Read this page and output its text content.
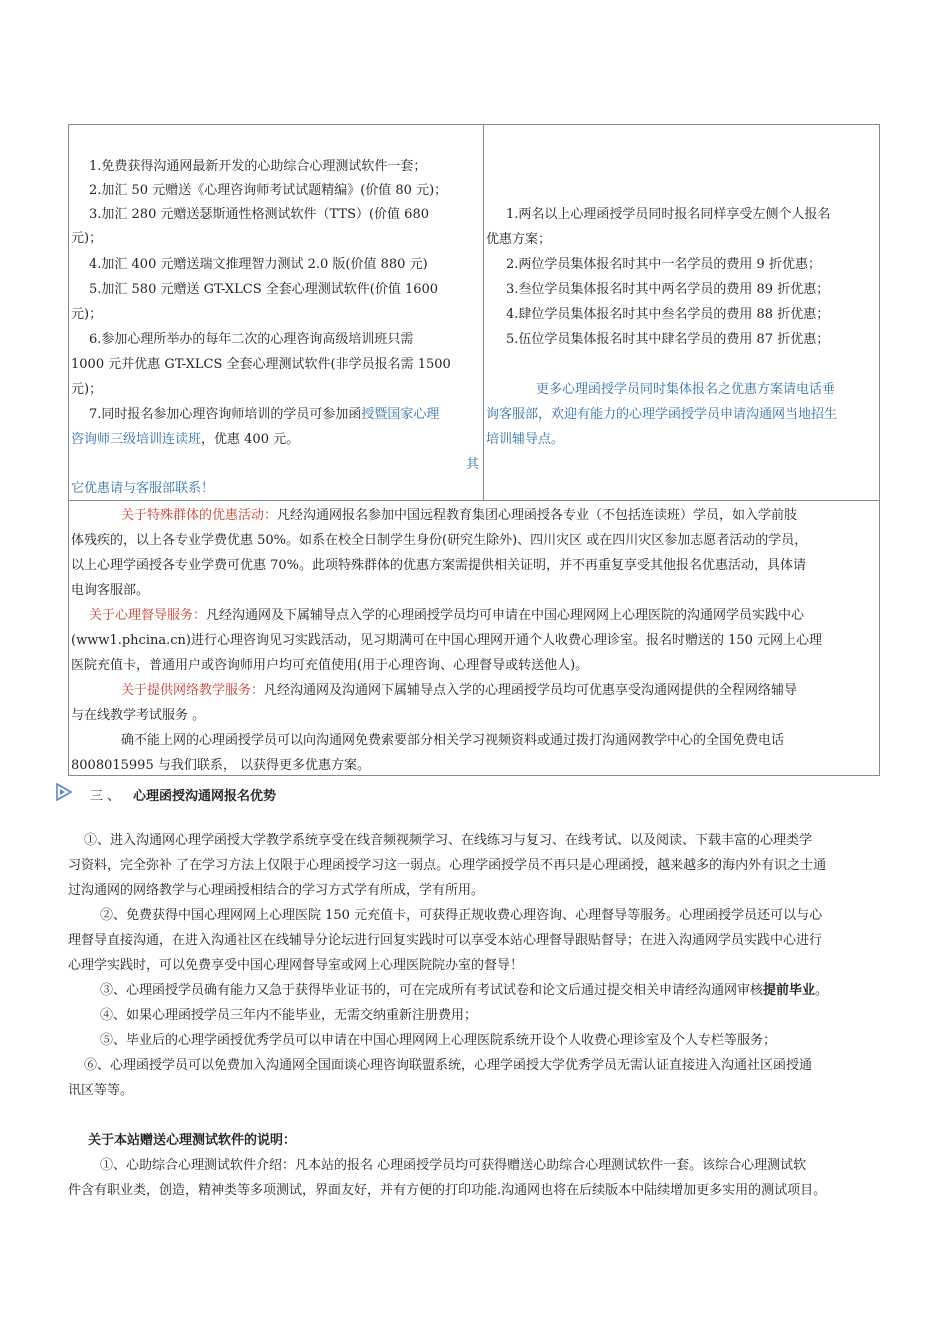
1.免费获得沟通网最新开发的心助综合心理测试软件一套；
2.加汇 50 元赠送《心理咨询师考试试题精编》(价值 80 元)；
3.加汇 280 元赠送瑟斯通性格测试软件（TTS）(价值 680
元)；
4.加汇 400 元赠送瑞文推理智力测试 2.0 版(价值 880 元)
5.加汇 580 元赠送 GT-XLCS 全套心理测试软件(价值 1600
元)；
6.参加心理所举办的每年二次的心理咨询高级培训班只需
1000 元并优惠 GT-XLCS 全套心理测试软件(非学员报名需 1500
元)；
7.同时报名参加心理咨询师培训的学员可参加函授暨国家心理
咨询师三级培训连读班，优惠 400 元。
其
它优惠请与客服部联系！
1.两名以上心理函授学员同时报名同样享受左侧个人报名
优惠方案；
2.两位学员集体报名时其中一名学员的费用 9 折优惠；
3.叁位学员集体报名时其中两名学员的费用 89 折优惠；
4.肆位学员集体报名时其中叁名学员的费用 88 折优惠；
5.伍位学员集体报名时其中肆名学员的费用 87 折优惠；
更多心理函授学员同时集体报名之优惠方案请电话垂
询客服部，欢迎有能力的心理学函授学员申请沟通网当地招生
培训辅导点。
关于特殊群体的优惠活动：凡经沟通网报名参加中国远程教育集团心理函授各专业（不包括连读班）学员，如入学前肢
体残疾的，以上各专业学费优惠 50%。如系在校全日制学生身份(研究生除外)、四川灾区 或在四川灾区参加志愿者活动的学员，
以上心理学函授各专业学费可优惠 70%。此项特殊群体的优惠方案需提供相关证明，并不再重复享受其他报名优惠活动，具体请
电询客服部。
关于心理督导服务：凡经沟通网及下属辅导点入学的心理函授学员均可申请在中国心理网网上心理医院的沟通网学员实践中心
(www1.phcina.cn)进行心理咨询见习实践活动，见习期满可在中国心理网开通个人收费心理诊室。报名时赠送的 150 元网上心理
医院充值卡，普通用户或咨询师用户均可充值使用(用于心理咨询、心理督导或转送他人)。
关于提供网络教学服务：凡经沟通网及沟通网下属辅导点入学的心理函授学员均可优惠享受沟通网提供的全程网络辅导
与在线教学考试服务 。
确不能上网的心理函授学员可以向沟通网免费索要部分相关学习视频资料或通过拨打沟通网教学中心的全国免费电话
8008015995 与我们联系， 以获得更多优惠方案。
三 、 心理函授沟通网报名优势
①、进入沟通网心理学函授大学教学系统享受在线音频视频学习、在线练习与复习、在线考试、以及阅读、下载丰富的心理类学
习资料，完全弥补 了在学习方法上仅限于心理函授学习这一弱点。心理学函授学员不再只是心理函授，越来越多的海内外有识之士通
过沟通网的网络教学与心理函授相结合的学习方式学有所成，学有所用。
②、免费获得中国心理网网上心理医院 150 元充值卡，可获得正规收费心理咨询、心理督导等服务。心理函授学员还可以与心
理督导直接沟通，在进入沟通社区在线辅导分论坛进行回复实践时可以享受本站心理督导跟贴督导；在进入沟通网学员实践中心进行
心理学实践时，可以免费享受中国心理网督导室或网上心理医院院办室的督导！
③、心理函授学员确有能力又急于获得毕业证书的，可在完成所有考试试卷和论文后通过提交相关申请经沟通网审核提前毕业。
④、如果心理函授学员三年内不能毕业，无需交纳重新注册费用；
⑤、毕业后的心理学函授优秀学员可以申请在中国心理网网上心理医院系统开设个人收费心理诊室及个人专栏等服务；
⑥、心理函授学员可以免费加入沟通网全国面谈心理咨询联盟系统，心理学函授大学优秀学员无需认证直接进入沟通社区函授通
讯区等等。
关于本站赠送心理测试软件的说明：
①、心助综合心理测试软件介绍：凡本站的报名 心理函授学员均可获得赠送心助综合心理测试软件一套。该综合心理测试软
件含有职业类，创造，精神类等多项测试，界面友好，并有方便的打印功能.沟通网也将在后续版本中陆续增加更多实用的测试项目。
